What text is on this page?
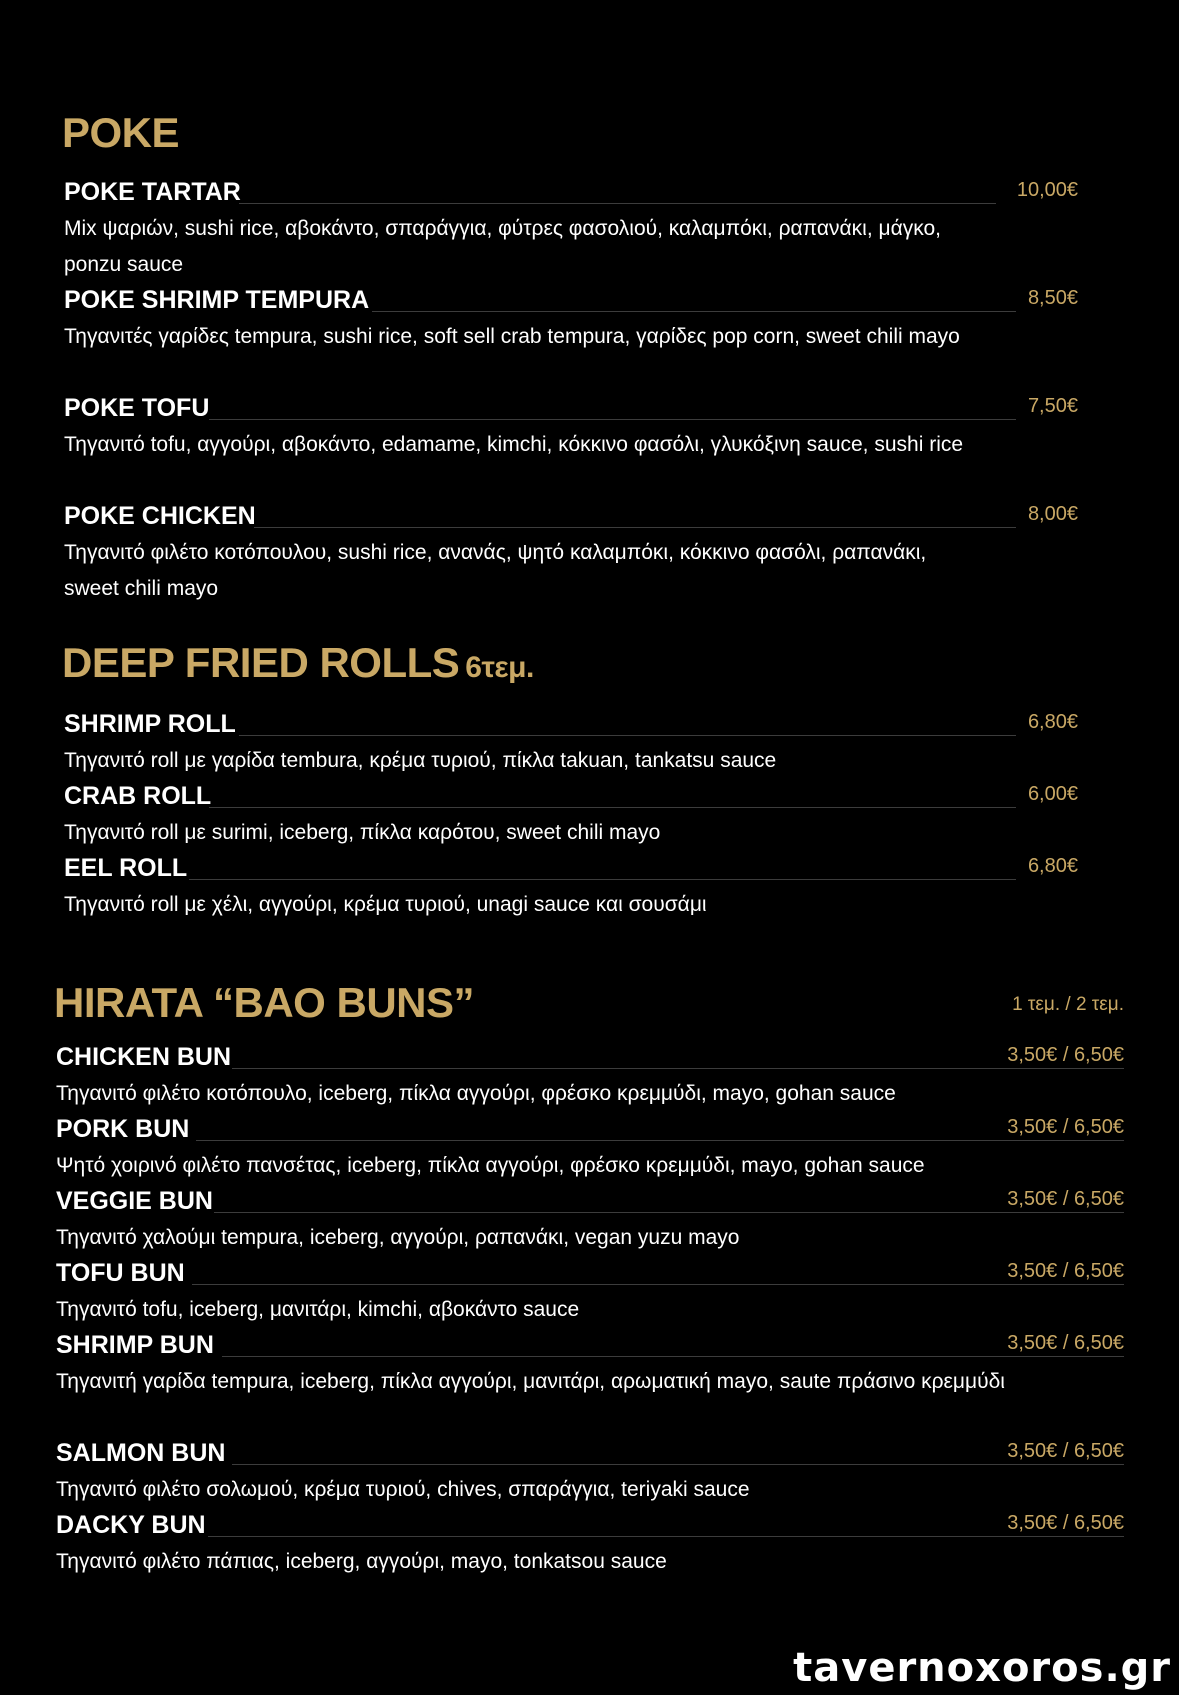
POKE
POKE TARTAR	10,00€
Mix ψαριών, sushi rice, αβοκάντο, σπαράγγια, φύτρες φασολιού, καλαμπόκι, ραπανάκι, μάγκο, ponzu sauce
POKE SHRIMP TEMPURA	8,50€
Τηγανιτές γαρίδες tempura, sushi rice, soft sell crab tempura, γαρίδες pop corn, sweet chili mayo
POKE TOFU	7,50€
Τηγανιτό tofu, αγγούρι, αβοκάντο, edamame, kimchi, κόκκινο φασόλι, γλυκόξινη sauce, sushi rice
POKE CHICKEN	8,00€
Τηγανιτό φιλέτο κοτόπουλου, sushi rice, ανανάς, ψητό καλαμπόκι, κόκκινο φασόλι, ραπανάκι, sweet chili mayo
DEEP FRIED ROLLS 6τεμ.
SHRIMP ROLL	6,80€
Τηγανιτό roll με γαρίδα tembura, κρέμα τυριού, πίκλα takuan, tankatsu sauce
CRAB ROLL	6,00€
Τηγανιτό roll με surimi, iceberg, πίκλα καρότου, sweet chili mayo
EEL ROLL	6,80€
Τηγανιτό roll με χέλι, αγγούρι, κρέμα τυριού, unagi sauce και σουσάμι
HIRATA “BAO BUNS”	1 τεμ. / 2 τεμ.
CHICKEN BUN	3,50€ / 6,50€
Τηγανιτό φιλέτο κοτόπουλο, iceberg, πίκλα αγγούρι, φρέσκο κρεμμύδι, mayo, gohan sauce
PORK BUN	3,50€ / 6,50€
Ψητό χοιρινό φιλέτο πανσέτας, iceberg, πίκλα αγγούρι, φρέσκο κρεμμύδι, mayo, gohan sauce
VEGGIE BUN	3,50€ / 6,50€
Τηγανιτό χαλούμι tempura, iceberg, αγγούρι, ραπανάκι, vegan yuzu mayo
TOFU BUN	3,50€ / 6,50€
Τηγανιτό tofu, iceberg, μανιτάρι, kimchi, αβοκάντο sauce
SHRIMP BUN	3,50€ / 6,50€
Τηγανιτή γαρίδα tempura, iceberg, πίκλα αγγούρι, μανιτάρι, αρωματική mayo, saute πράσινο κρεμμύδι
SALMON BUN	3,50€ / 6,50€
Τηγανιτό φιλέτο σολωμού, κρέμα τυριού, chives, σπαράγγια, teriyaki sauce
DACKY BUN	3,50€ / 6,50€
Τηγανιτό φιλέτο πάπιας, iceberg, αγγούρι, mayo, tonkatsou sauce
tavernoxoros.gr
